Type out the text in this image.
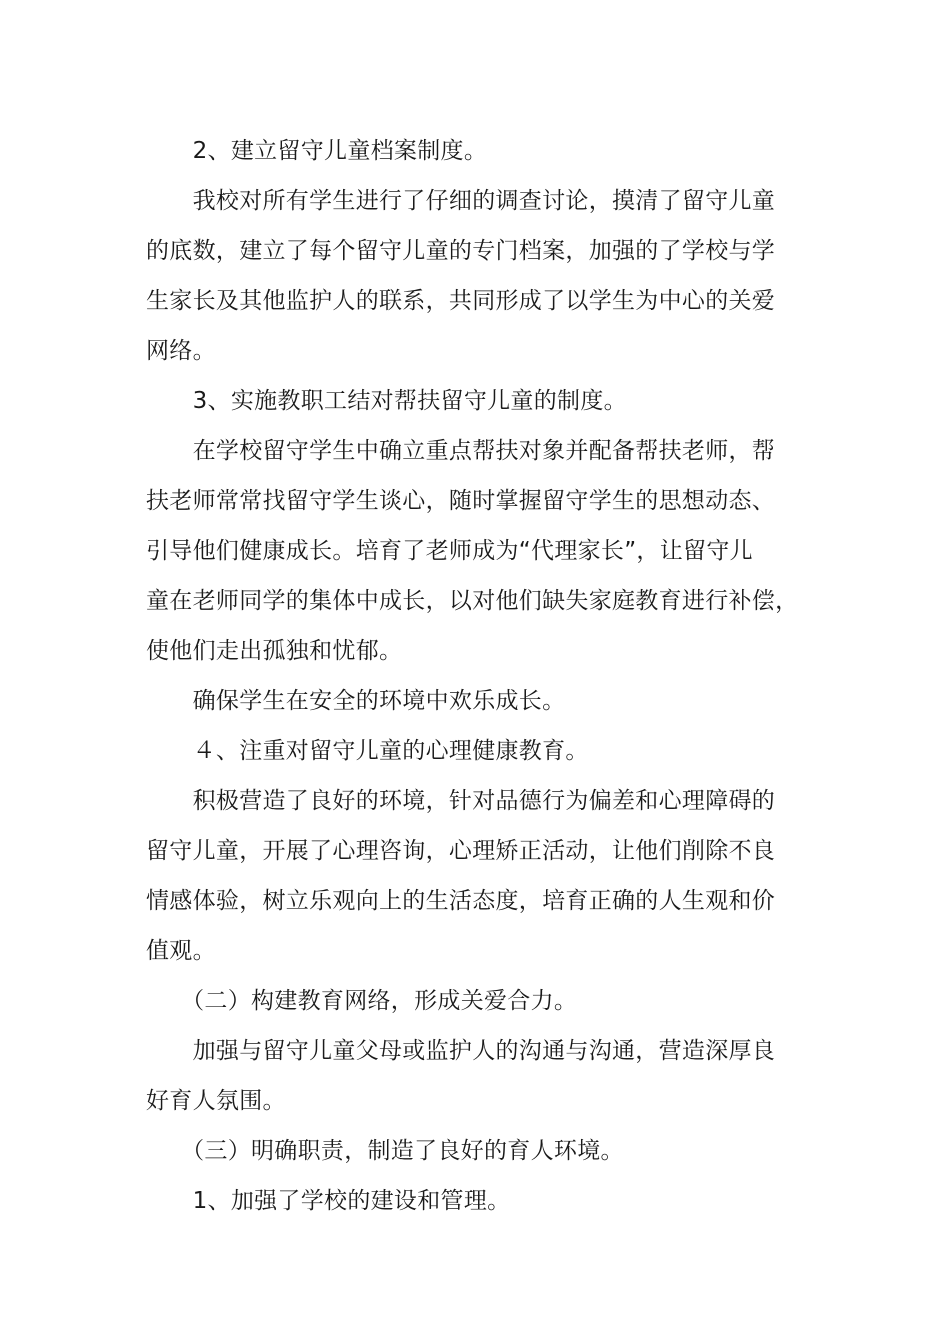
　　2、建立留守儿童档案制度。
　　我校对所有学生进行了仔细的调查讨论，摸清了留守儿童
的底数，建立了每个留守儿童的专门档案，加强的了学校与学
生家长及其他监护人的联系，共同形成了以学生为中心的关爱
网络。
　　3、实施教职工结对帮扶留守儿童的制度。
　　在学校留守学生中确立重点帮扶对象并配备帮扶老师，帮
扶老师常常找留守学生谈心，随时掌握留守学生的思想动态、
引导他们健康成长。培育了老师成为“代理家长”，让留守儿
童在老师同学的集体中成长，以对他们缺失家庭教育进行补偿，
使他们走出孤独和忧郁。
　　确保学生在安全的环境中欢乐成长。
　　４、注重对留守儿童的心理健康教育。
　　积极营造了良好的环境，针对品德行为偏差和心理障碍的
留守儿童，开展了心理咨询，心理矫正活动，让他们削除不良
情感体验，树立乐观向上的生活态度，培育正确的人生观和价
值观。
　　（二）构建教育网络，形成关爱合力。
　　加强与留守儿童父母或监护人的沟通与沟通，营造深厚良
好育人氛围。
　　（三）明确职责，制造了良好的育人环境。
　　1、加强了学校的建设和管理。
